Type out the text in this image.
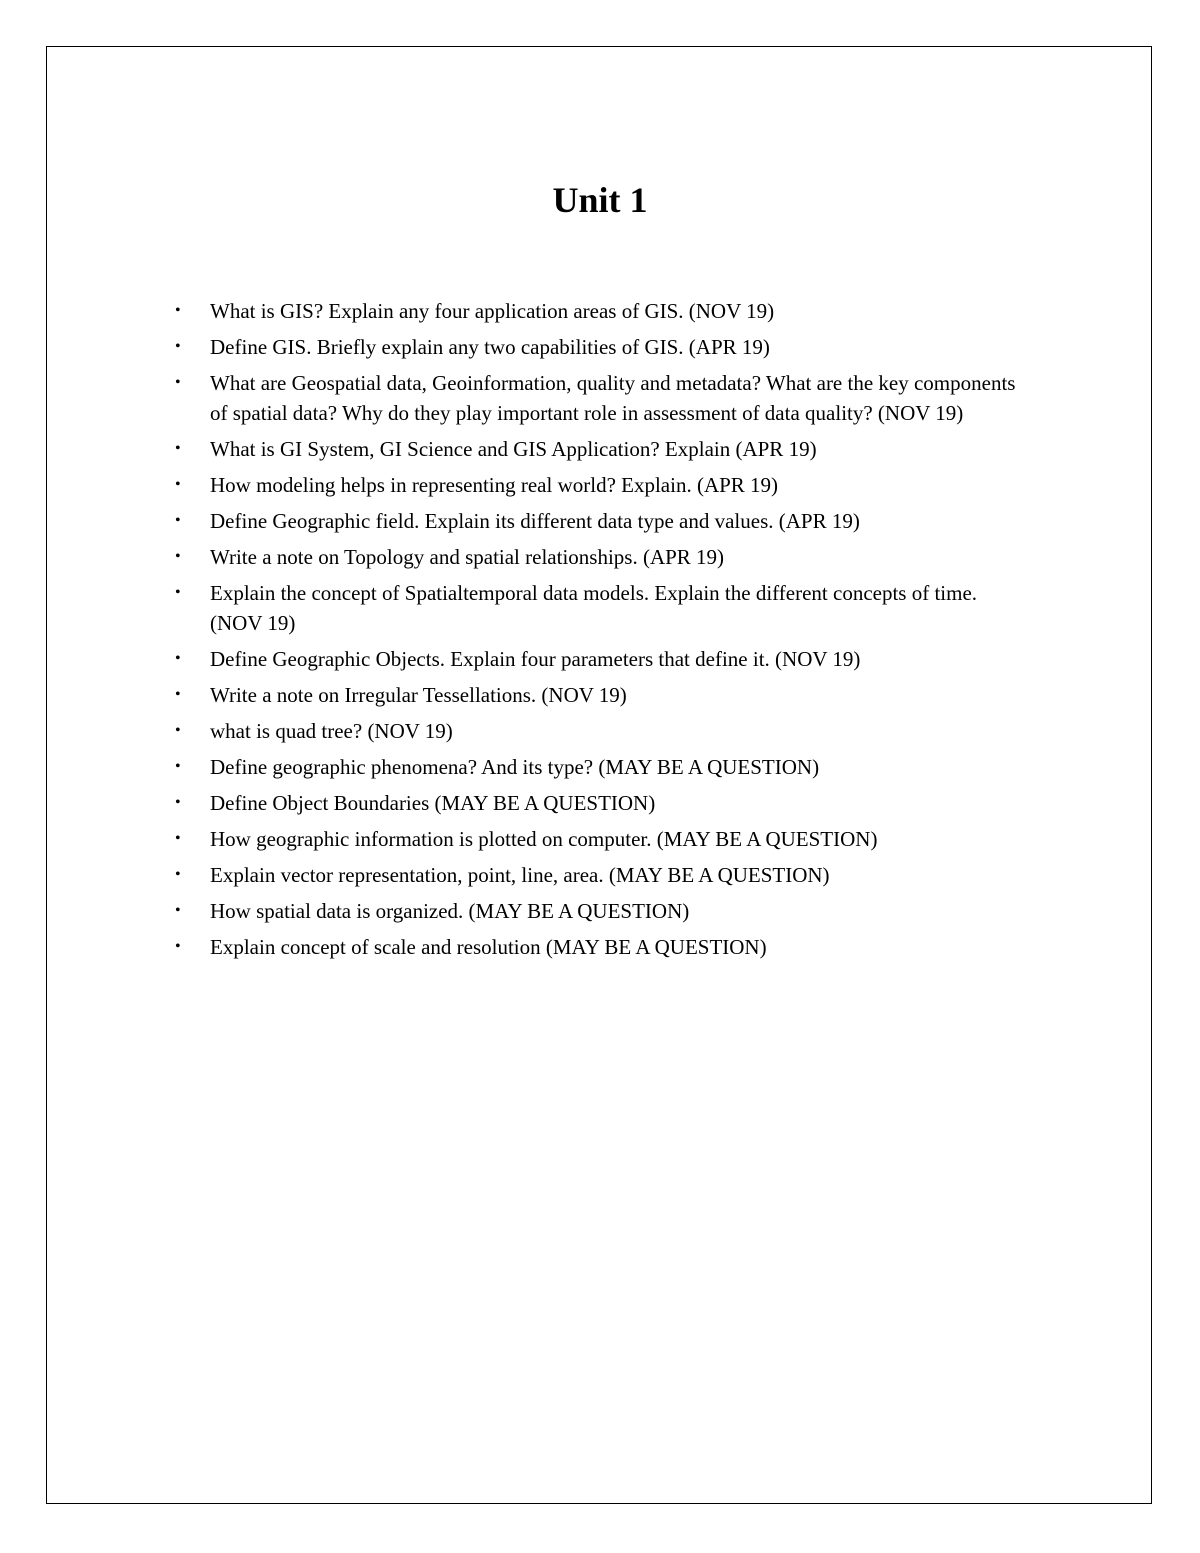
Unit 1
• What is GIS? Explain any four application areas of GIS. (NOV 19)
• Define GIS. Briefly explain any two capabilities of GIS. (APR 19)
• What are Geospatial data, Geoinformation, quality and metadata? What are the key components of spatial data? Why do they play important role in assessment of data quality? (NOV 19)
• What is GI System, GI Science and GIS Application? Explain (APR 19)
• How modeling helps in representing real world? Explain. (APR 19)
• Define Geographic field. Explain its different data type and values. (APR 19)
• Write a note on Topology and spatial relationships. (APR 19)
• Explain the concept of Spatialtemporal data models. Explain the different concepts of time. (NOV 19)
• Define Geographic Objects. Explain four parameters that define it. (NOV 19)
• Write a note on Irregular Tessellations. (NOV 19)
• what is quad tree? (NOV 19)
• Define geographic phenomena? And its type? (MAY BE A QUESTION)
• Define Object Boundaries (MAY BE A QUESTION)
• How geographic information is plotted on computer. (MAY BE A QUESTION)
• Explain vector representation, point, line, area. (MAY BE A QUESTION)
• How spatial data is organized. (MAY BE A QUESTION)
• Explain concept of scale and resolution (MAY BE A QUESTION)
